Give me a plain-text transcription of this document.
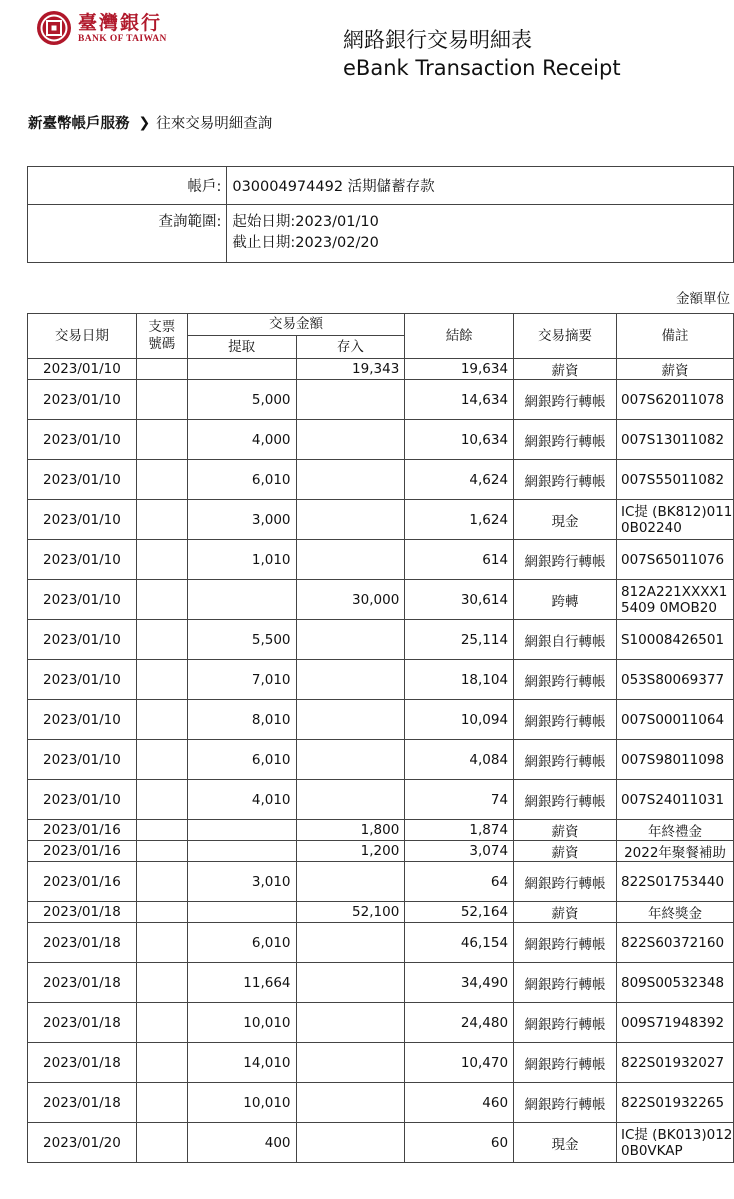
臺灣銀行
BANK OF TAIWAN	網路銀行交易明細表
eBank Transaction Receipt
新臺幣帳戶服務 ❯ 往來交易明細查詢
帳戶:	030004974492 活期儲蓄存款

查詢範圍:	起始日期:2023/01/10
截止日期:2023/02/20
金額單位
交易日期	支票號碼	交易金額		結餘	交易摘要	備註
		提取	存入			
2023/01/10			19,343	19,634	薪資	薪資
2023/01/10		5,000		14,634	網銀跨行轉帳	007S62011078
2023/01/10		4,000		10,634	網銀跨行轉帳	007S13011082
2023/01/10		6,010		4,624	網銀跨行轉帳	007S55011082
2023/01/10		3,000		1,624	現金	IC提 (BK812)0110B02240
2023/01/10		1,010		614	網銀跨行轉帳	007S65011076
2023/01/10			30,000	30,614	跨轉	812A221XXXX15409 0MOB20
2023/01/10		5,500		25,114	網銀自行轉帳	S10008426501
2023/01/10		7,010		18,104	網銀跨行轉帳	053S80069377
2023/01/10		8,010		10,094	網銀跨行轉帳	007S00011064
2023/01/10		6,010		4,084	網銀跨行轉帳	007S98011098
2023/01/10		4,010		74	網銀跨行轉帳	007S24011031
2023/01/16			1,800	1,874	薪資	年終禮金
2023/01/16			1,200	3,074	薪資	2022年聚餐補助
2023/01/16		3,010		64	網銀跨行轉帳	822S01753440
2023/01/18			52,100	52,164	薪資	年終獎金
2023/01/18		6,010		46,154	網銀跨行轉帳	822S60372160
2023/01/18		11,664		34,490	網銀跨行轉帳	809S00532348
2023/01/18		10,010		24,480	網銀跨行轉帳	009S71948392
2023/01/18		14,010		10,470	網銀跨行轉帳	822S01932027
2023/01/18		10,010		460	網銀跨行轉帳	822S01932265
2023/01/20		400		60	現金	IC提 (BK013)0120B0VKAP
